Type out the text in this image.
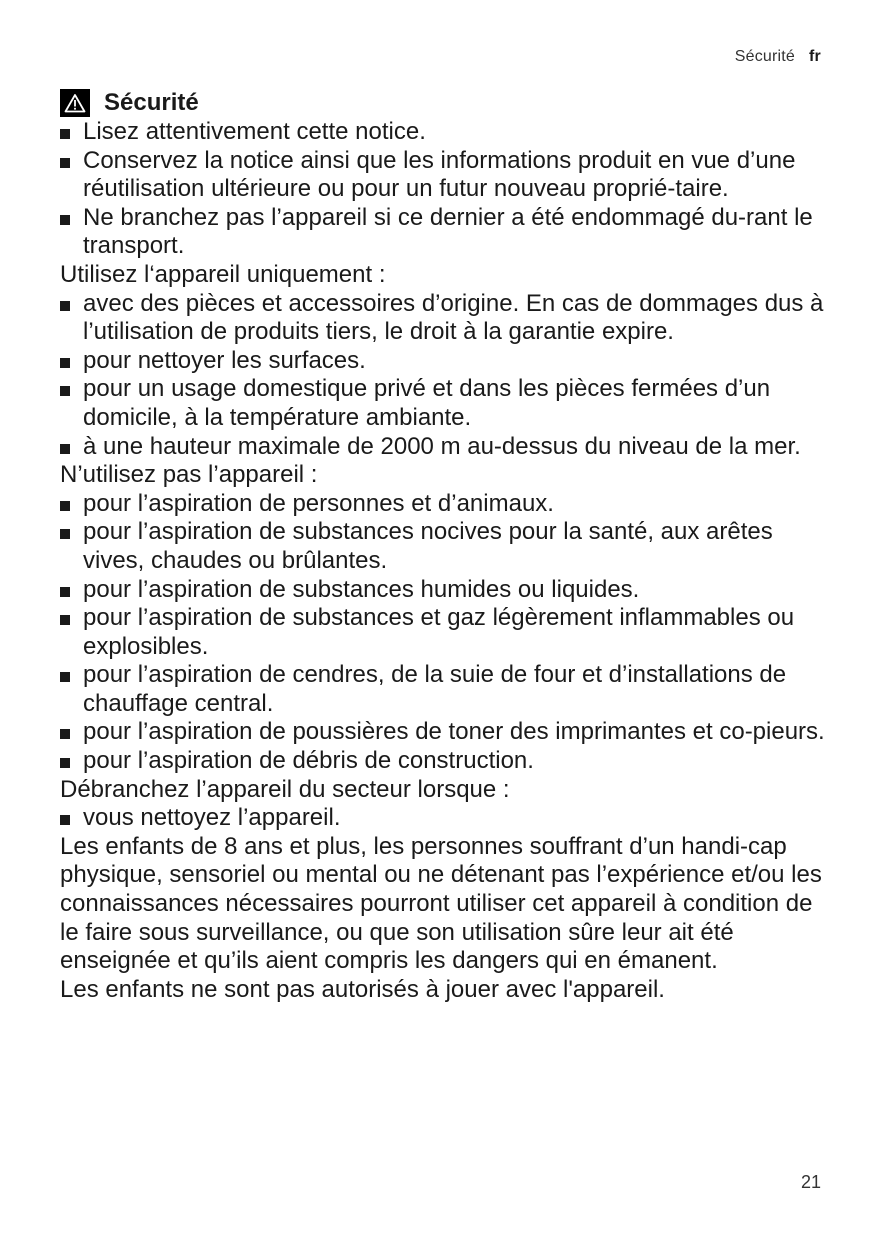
Sécurité fr
Sécurité
Lisez attentivement cette notice.
Conservez la notice ainsi que les informations produit en vue d’une réutilisation ultérieure ou pour un futur nouveau proprié-taire.
Ne branchez pas l’appareil si ce dernier a été endommagé du-rant le transport.

Utilisez l‘appareil uniquement :

avec des pièces et accessoires d’origine. En cas de dommages dus à l’utilisation de produits tiers, le droit à la garantie expire.
pour nettoyer les surfaces.
pour un usage domestique privé et dans les pièces fermées d’un domicile, à la température ambiante.
à une hauteur maximale de 2000 m au-dessus du niveau de la mer.

N’utilisez pas l’appareil :

pour l’aspiration de personnes et d’animaux.
pour l’aspiration de substances nocives pour la santé, aux arêtes vives, chaudes ou brûlantes.
pour l’aspiration de substances humides ou liquides.
pour l’aspiration de substances et gaz légèrement inflammables ou explosibles.
pour l’aspiration de cendres, de la suie de four et d’installations de chauffage central.
pour l’aspiration de poussières de toner des imprimantes et co-pieurs.
pour l’aspiration de débris de construction.

Débranchez l’appareil du secteur lorsque :

vous nettoyez l’appareil.

Les enfants de 8 ans et plus, les personnes souffrant d’un handi-cap physique, sensoriel ou mental ou ne détenant pas l’expérience et/ou les connaissances nécessaires pourront utiliser cet appareil à condition de le faire sous surveillance, ou que son utilisation sûre leur ait été enseignée et qu’ils aient compris les dangers qui en émanent.

Les enfants ne sont pas autorisés à jouer avec l'appareil.

21
